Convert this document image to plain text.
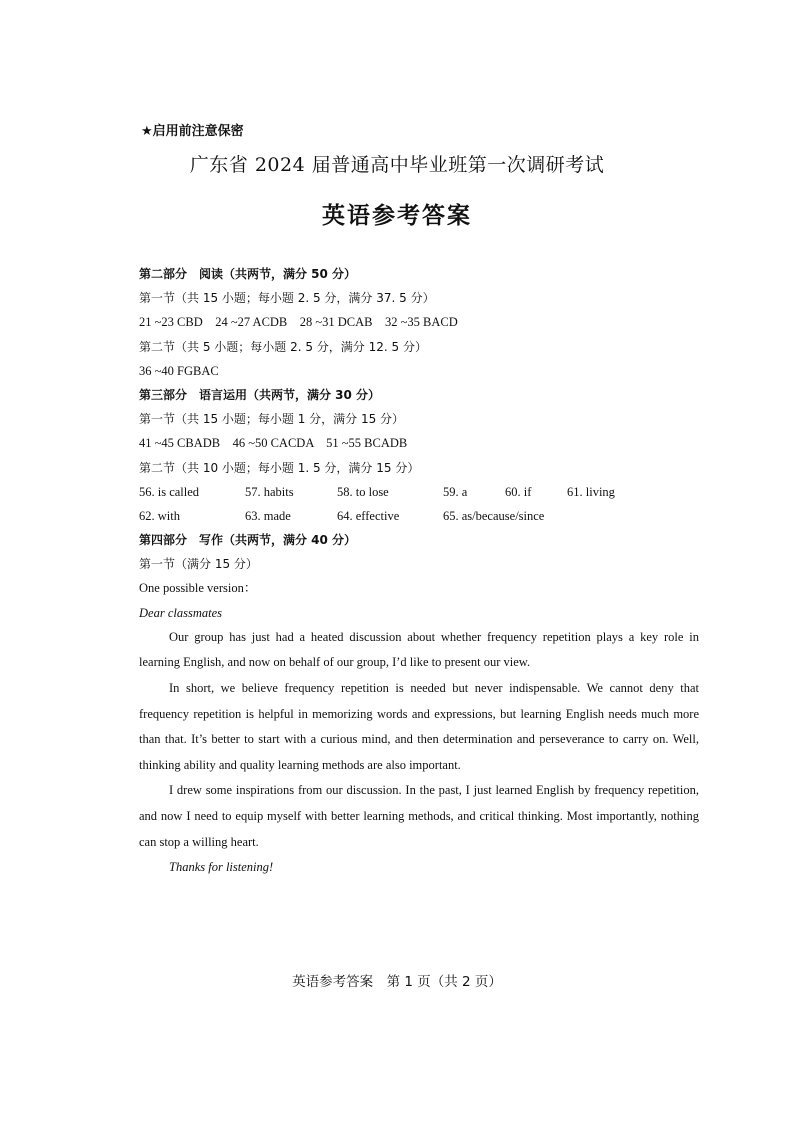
★启用前注意保密
广东省 2024 届普通高中毕业班第一次调研考试
英语参考答案
第二部分　阅读（共两节，满分 50 分）
第一节（共 15 小题；每小题 2. 5 分，满分 37. 5 分）
21 ~23 CBD　24 ~27 ACDB　28 ~31 DCAB　32 ~35 BACD
第二节（共 5 小题；每小题 2. 5 分，满分 12. 5 分）
36 ~40 FGBAC
第三部分　语言运用（共两节，满分 30 分）
第一节（共 15 小题；每小题 1 分，满分 15 分）
41 ~45 CBADB　46 ~50 CACDA　51 ~55 BCADB
第二节（共 10 小题；每小题 1. 5 分，满分 15 分）
56. is called	57. habits	58. to lose	59. a	60. if	61. living
62. with	63. made	64. effective	65. as/because/since
第四部分　写作（共两节，满分 40 分）
第一节（满分 15 分）
One possible version：
Dear classmates

Our group has just had a heated discussion about whether frequency repetition plays a key role in learning English, and now on behalf of our group, I’d like to present our view.

In short, we believe frequency repetition is needed but never indispensable. We cannot deny that frequency repetition is helpful in memorizing words and expressions, but learning English needs much more than that. It’s better to start with a curious mind, and then determination and perseverance to carry on. Well, thinking ability and quality learning methods are also important.

I drew some inspirations from our discussion. In the past, I just learned English by frequency repetition, and now I need to equip myself with better learning methods, and critical thinking. Most importantly, nothing can stop a willing heart.

Thanks for listening!

英语参考答案　第 1 页（共 2 页）
